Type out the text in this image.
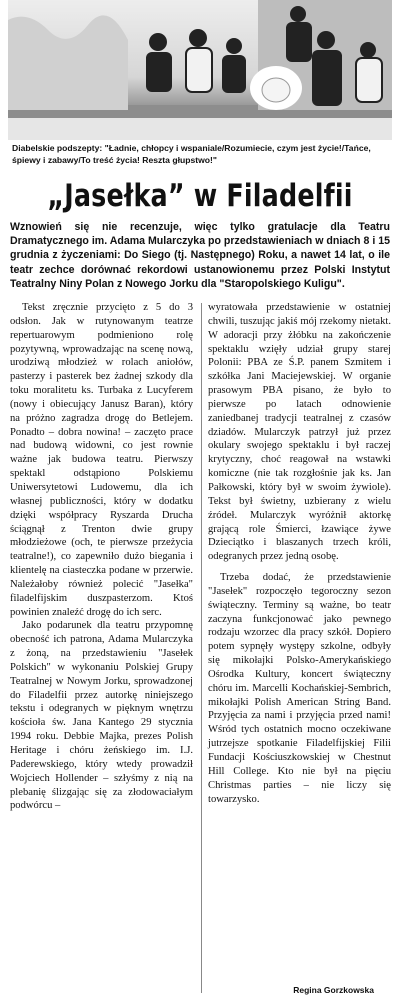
Diabelskie podszepty: "Ładnie, chłopcy i wspaniale/Rozumiecie, czym jest życie!/Tańce, śpiewy i zabawy/To treść życia! Reszta głupstwo!"
„Jasełka” w Filadelfii
Wznowień się nie recenzuje, więc tylko gratulacje dla Teatru Dramatycznego im. Adama Mularczyka po przedstawieniach w dniach 8 i 15 grudnia z życzeniami: Do Siego (tj. Następnego) Roku, a nawet 14 lat, o ile teatr zechce dorównać rekordowi ustanowionemu przez Polski Instytut Teatralny Niny Polan z Nowego Jorku dla "Staropolskiego Kuligu".

Tekst zręcznie przycięto z 5 do 3 odsłon. Jak w rutynowanym teatrze repertuarowym podmieniono rolę pozytywną, wprowadzając na scenę nową, urodziwą młodzież w rolach aniołów, pasterzy i pasterek bez żadnej szkody dla toku moralitetu ks. Turbaka z Lucyferem (nowy i obiecujący Janusz Baran), który na próżno zagradza drogę do Betlejem. Ponadto – dobra nowina! – zaczęto prace nad budową widowni, co jest rownie ważne jak budowa teatru. Pierwszy spektakl odstąpiono Polskiemu Uniwersytetowi Ludowemu, dla ich własnej publiczności, który w dodatku dzięki współpracy Ryszarda Drucha ściągnął z Trenton dwie grupy młodzieżowe (och, te pierwsze przeżycia teatralne!), co zapewniło dużo biegania i klientelę na ciasteczka podane w przerwie. Należałoby również polecić "Jasełka" filadelfijskim duszpasterzom. Ktoś powinien znaleźć drogę do ich serc.

Jako podarunek dla teatru przypomnę obecność ich patrona, Adama Mularczyka z żoną, na przedstawieniu "Jasełek Polskich" w wykonaniu Polskiej Grupy Teatralnej w Nowym Jorku, sprowadzonej do Filadelfii przez autorkę niniejszego tekstu i odegranych w pięknym wnętrzu kościoła św. Jana Kantego 29 stycznia 1994 roku. Debbie Majka, prezes Polish Heritage i chóru żeńskiego im. I.J. Paderewskiego, który wtedy prowadził Wojciech Hollender – szłyśmy z nią na plebanię ślizgając się za złodowaciałym podwórcu –

wyratowała przedstawienie w ostatniej chwili, tuszując jakiś mój rzekomy nietakt. W adoracji przy żłóbku na zakończenie spektaklu wzięły udział grupy starej Polonii: PBA ze Ś.P. panem Szmitem i szkółka Jani Maciejewskiej. W organie prasowym PBA pisano, że było to pierwsze po latach odnowienie zaniedbanej tradycji teatralnej z czasów dziadów. Mularczyk patrzył już przez okulary swojego spektaklu i był raczej krytyczny, choć reagował na wstawki komiczne (nie tak rozgłośnie jak ks. Jan Pałkowski, który był w swoim żywiole). Tekst był świetny, uzbierany z wielu źródeł. Mularczyk wyróżnił aktorkę grającą role Śmierci, łzawiące żywe Dzieciątko i blaszanych trzech króli, odegranych przez jedną osobę.

Trzeba dodać, że przedstawienie "Jasełek" rozpoczęło tegoroczny sezon świąteczny. Terminy są ważne, bo teatr zaczyna funkcjonować jako pewnego rodzaju wzorzec dla pracy szkół. Dopiero potem sypnęły występy szkolne, odbyły się mikołajki Polsko-Amerykańskiego Ośrodka Kultury, koncert świąteczny chóru im. Marcelli Kochańskiej-Sembrich, mikołajki Polish American String Band. Przyjęcia za nami i przyjęcia przed nami! Wśród tych ostatnich mocno oczekiwane jutrzejsze spotkanie Filadelfijskiej Filii Fundacji Kościuszkowskiej w Chestnut Hill College. Kto nie był na pięciu Christmas parties – nie liczy się towarzysko.

Regina Gorzkowska
